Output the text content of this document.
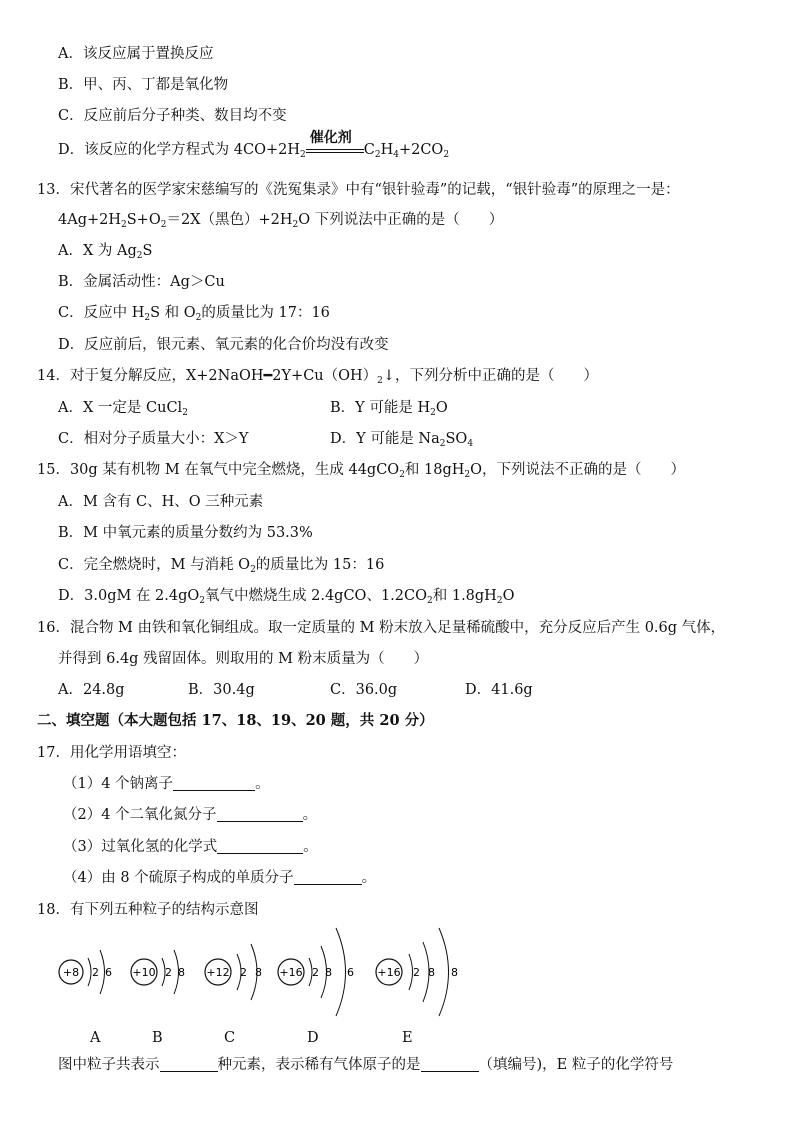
A．该反应属于置换反应
B．甲、丙、丁都是氧化物
C．反应前后分子种类、数目均不变
D．该反应的化学方程式为 $4CO+2H_2$
催化剂
$C_2H_4+2CO_2$
13．宋代著名的医学家宋慈编写的《洗冤集录》中有“银针验毒”的记载，“银针验毒”的原理之一是：
$4Ag+2H_2S+O_2=2X$（黑色）$+2H_2O$ 下列说法中正确的是（　　）
A．X 为 $Ag_2S$
B．金属活动性：Ag＞Cu
C．反应中 $H_2S$ 和 $O_2$的质量比为 17：16
D．反应前后，银元素、氧元素的化合价均没有改变
14．对于复分解反应，$X+2NaOH━2Y+Cu(OH)_2↓$，下列分析中正确的是（　　）
A．X 一定是 CuCl$_2$	B．Y 可能是 $H_2O$
C．相对分子质量大小：X＞Y	D．Y 可能是 $Na_2SO_4$
15．30g 某有机物 M 在氧气中完全燃烧，生成 44gCO$_2$和 $18gH_2O$，下列说法不正确的是（　　）
A．M 含有 C、H、O 三种元素
B．M 中氧元素的质量分数约为 53.3%
C．完全燃烧时，M 与消耗 $O_2$的质量比为 15：16
D．3.0gM 在 $2.4gO_2$氧气中燃烧生成 2.4gCO、$1.2CO_2$和 $1.8gH_2O$
16．混合物 M 由铁和氧化铜组成。取一定质量的 M 粉末放入足量稀硫酸中，充分反应后产生 0.6g 气体，
并得到 6.4g 残留固体。则取用的 M 粉末质量为（　　）
A．24.8g	B．30.4g	C．36.0g	D．41.6g
二、填空题（本大题包括 17、18、19、20 题，共 20 分）
17．用化学用语填空：
（1）4 个钠离子	。
（2）4 个二氧化氮分子	。
（3）过氧化氢的化学式	。
（4）由 8 个硫原子构成的单质分子	。
18．有下列五种粒子的结构示意图
+8 2 6 +10 2 8 +12 2 8 +16 2 8 6 +16 2 8 8
A	B	C	D	E
图中粒子共表示	种元素，表示稀有气体原子的是	（填编号)，E 粒子的化学符号
